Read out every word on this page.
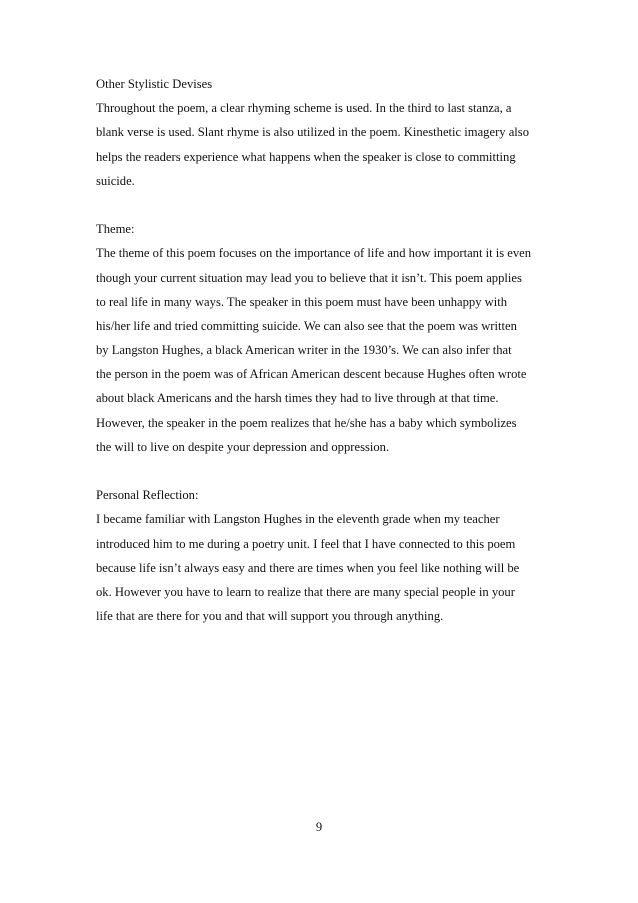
Other Stylistic Devises
Throughout the poem, a clear rhyming scheme is used. In the third to last stanza, a
blank verse is used. Slant rhyme is also utilized in the poem. Kinesthetic imagery also
helps the readers experience what happens when the speaker is close to committing
suicide.
Theme:
The theme of this poem focuses on the importance of life and how important it is even
though your current situation may lead you to believe that it isn’t. This poem applies
to real life in many ways. The speaker in this poem must have been unhappy with
his/her life and tried committing suicide. We can also see that the poem was written
by Langston Hughes, a black American writer in the 1930’s. We can also infer that
the person in the poem was of African American descent because Hughes often wrote
about black Americans and the harsh times they had to live through at that time.
However, the speaker in the poem realizes that he/she has a baby which symbolizes
the will to live on despite your depression and oppression.
Personal Reflection:
I became familiar with Langston Hughes in the eleventh grade when my teacher
introduced him to me during a poetry unit. I feel that I have connected to this poem
because life isn’t always easy and there are times when you feel like nothing will be
ok. However you have to learn to realize that there are many special people in your
life that are there for you and that will support you through anything.
9
